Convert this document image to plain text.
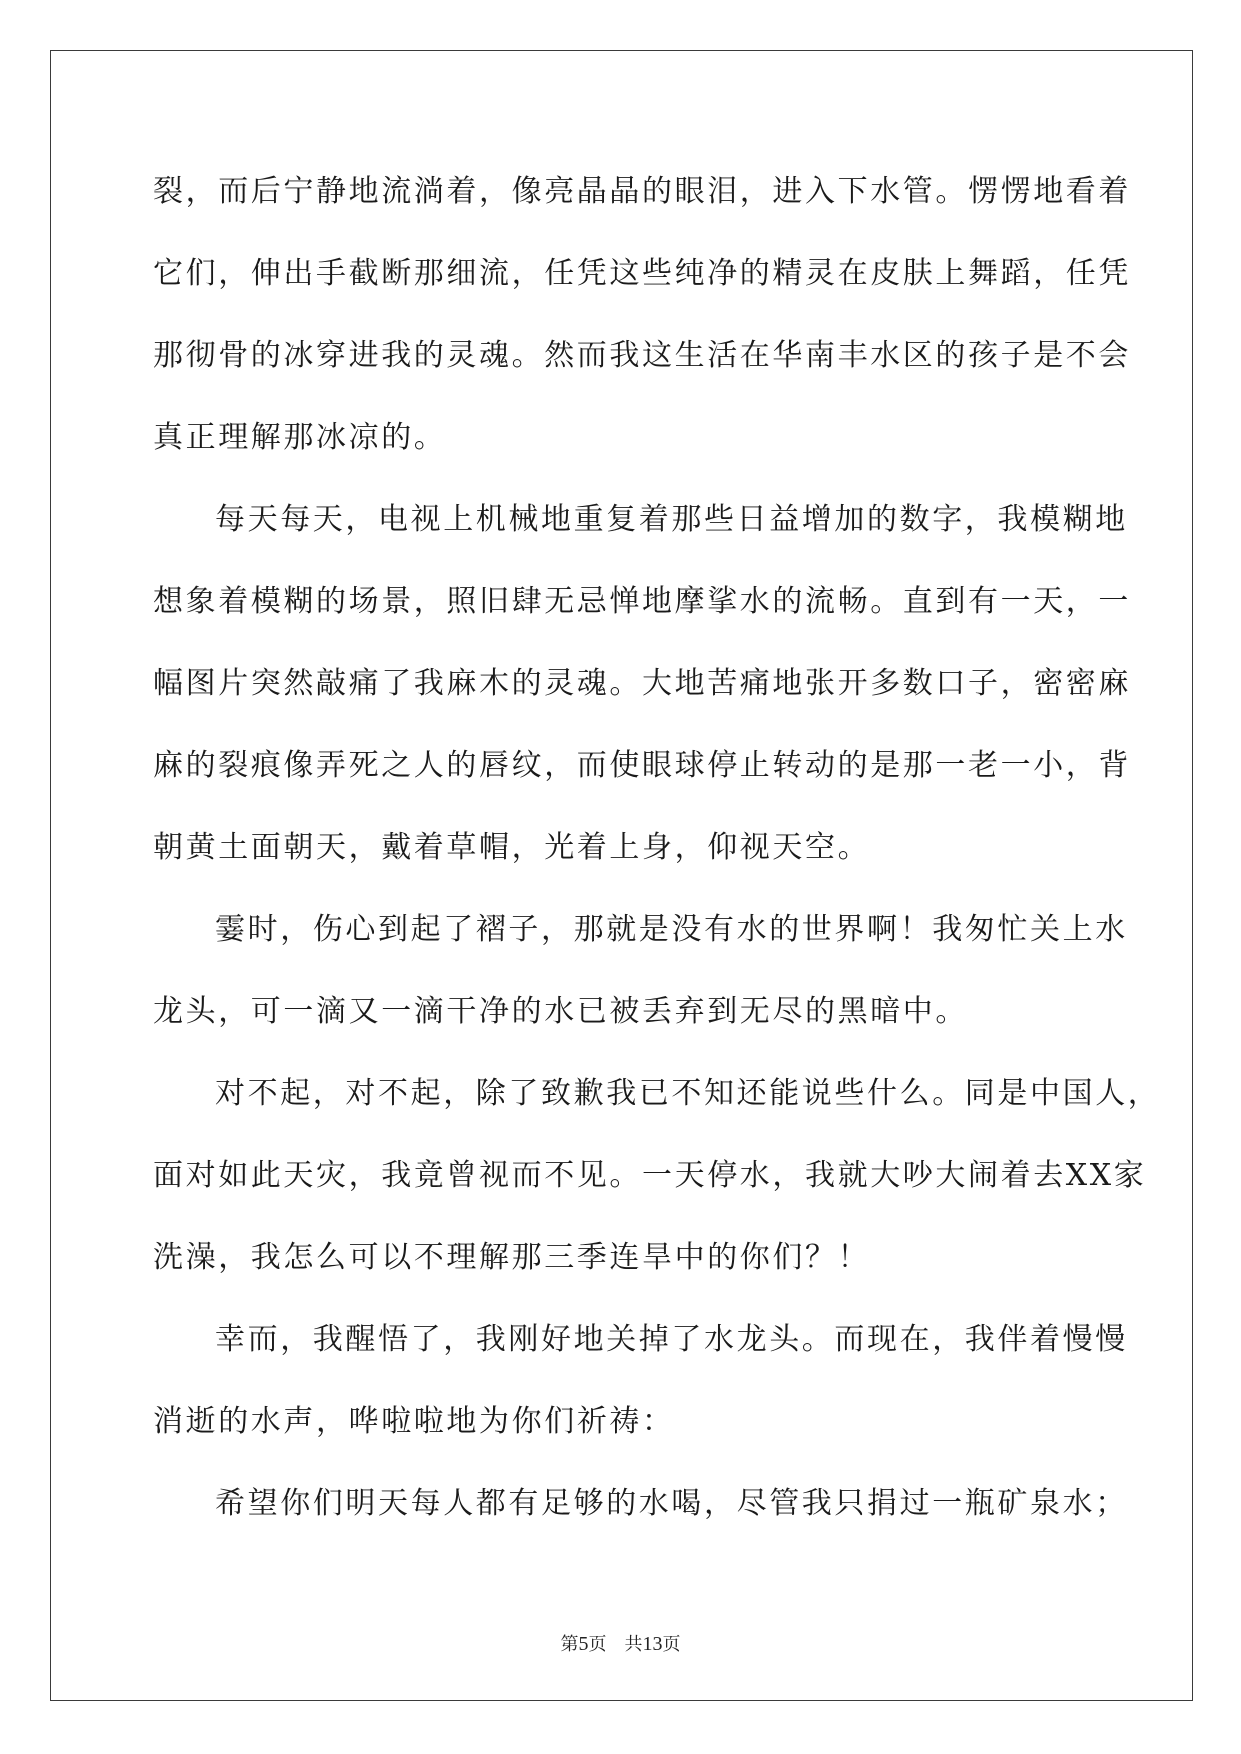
裂，而后宁静地流淌着，像亮晶晶的眼泪，进入下水管。愣愣地看着
它们，伸出手截断那细流，任凭这些纯净的精灵在皮肤上舞蹈，任凭
那彻骨的冰穿进我的灵魂。然而我这生活在华南丰水区的孩子是不会
真正理解那冰凉的。
每天每天，电视上机械地重复着那些日益增加的数字，我模糊地
想象着模糊的场景，照旧肆无忌惮地摩挲水的流畅。直到有一天，一
幅图片突然敲痛了我麻木的灵魂。大地苦痛地张开多数口子，密密麻
麻的裂痕像弄死之人的唇纹，而使眼球停止转动的是那一老一小，背
朝黄土面朝天，戴着草帽，光着上身，仰视天空。
霎时，伤心到起了褶子，那就是没有水的世界啊！我匆忙关上水
龙头，可一滴又一滴干净的水已被丢弃到无尽的黑暗中。
对不起，对不起，除了致歉我已不知还能说些什么。同是中国人，
面对如此天灾，我竟曾视而不见。一天停水，我就大吵大闹着去XX家
洗澡，我怎么可以不理解那三季连旱中的你们？！
幸而，我醒悟了，我刚好地关掉了水龙头。而现在，我伴着慢慢
消逝的水声，哗啦啦地为你们祈祷：
希望你们明天每人都有足够的水喝，尽管我只捐过一瓶矿泉水；
第5页　共13页
